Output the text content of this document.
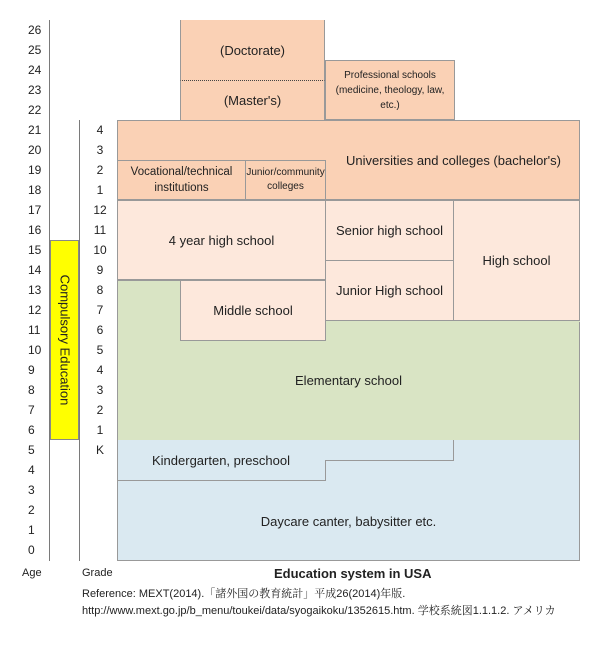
26
25
24
23
22
21
20
19
18
17
16
15
14
13
12
11
10
9
8
7
6
5
4
3
2
1
0
4
3
2
1
12
11
10
9
8
7
6
5
4
3
2
1
K
Compulsory Education
(Doctorate)
(Master's)
Professional schools (medicine, theology, law, etc.)
Universities and colleges (bachelor's)
Vocational/technical institutions
Junior/community colleges
4 year high school
Senior high school
High school
Junior High school
Elementary school
Middle school
Kindergarten, preschool
Daycare canter, babysitter etc.
Age	Grade	Education system in USA
Reference: MEXT(2014).「諸外国の教育統計」平成26(2014)年版. http://www.mext.go.jp/b_menu/toukei/data/syogaikoku/1352615.htm. 学校系統図1.1.1.2. アメリカ
